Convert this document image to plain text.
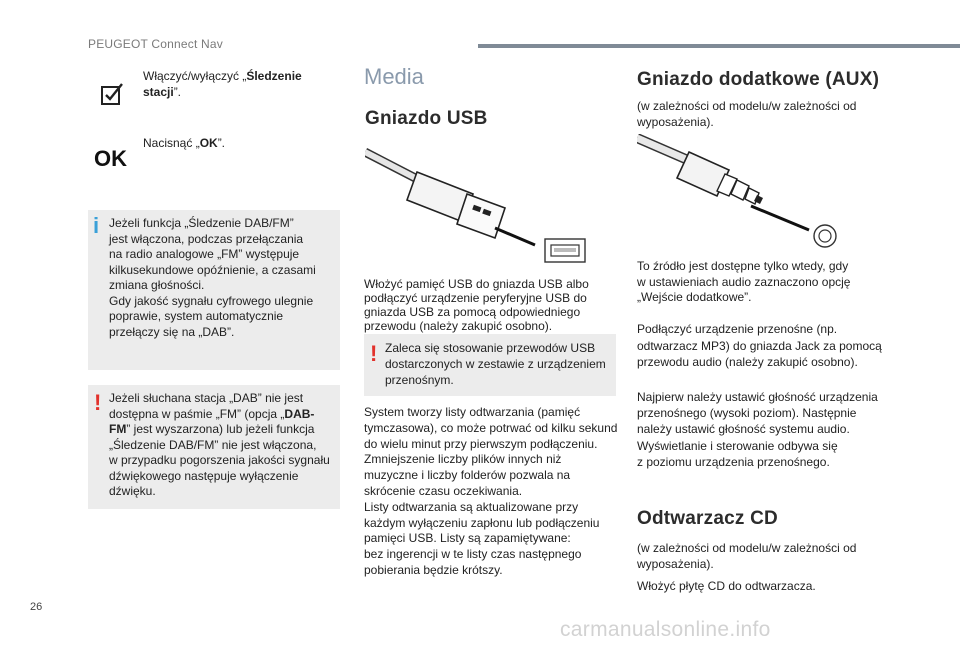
PEUGEOT Connect Nav
Włączyć/wyłączyć „Śledzenie stacji”.
OK
Nacisnąć „OK”.
i Jeżeli funkcja „Śledzenie DAB/FM”
jest włączona, podczas przełączania
na radio analogowe „FM” występuje
kilkusekundowe opóźnienie, a czasami
zmiana głośności.
Gdy jakość sygnału cyfrowego ulegnie
poprawie, system automatycznie
przełączy się na „DAB”.
! Jeżeli słuchana stacja „DAB” nie jest
dostępna w paśmie „FM” (opcja „DAB-
FM” jest wyszarzona) lub jeżeli funkcja
„Śledzenie DAB/FM” nie jest włączona,
w przypadku pogorszenia jakości sygnału
dźwiękowego następuje wyłączenie
dźwięku.
Media
Gniazdo USB
Włożyć pamięć USB do gniazda USB albo
podłączyć urządzenie peryferyjne USB do
gniazda USB za pomocą odpowiedniego
przewodu (należy zakupić osobno).
! Zaleca się stosowanie przewodów USB
dostarczonych w zestawie z urządzeniem
przenośnym.
System tworzy listy odtwarzania (pamięć
tymczasowa), co może potrwać od kilku sekund
do wielu minut przy pierwszym podłączeniu.
Zmniejszenie liczby plików innych niż
muzyczne i liczby folderów pozwala na
skrócenie czasu oczekiwania.
Listy odtwarzania są aktualizowane przy
każdym wyłączeniu zapłonu lub podłączeniu
pamięci USB. Listy są zapamiętywane:
bez ingerencji w te listy czas następnego
pobierania będzie krótszy.
Gniazdo dodatkowe (AUX)
(w zależności od modelu/w zależności od
wyposażenia).
To źródło jest dostępne tylko wtedy, gdy
w ustawieniach audio zaznaczono opcję
„Wejście dodatkowe”.
Podłączyć urządzenie przenośne (np.
odtwarzacz MP3) do gniazda Jack za pomocą
przewodu audio (należy zakupić osobno).
Najpierw należy ustawić głośność urządzenia
przenośnego (wysoki poziom). Następnie
należy ustawić głośność systemu audio.
Wyświetlanie i sterowanie odbywa się
z poziomu urządzenia przenośnego.
Odtwarzacz CD
(w zależności od modelu/w zależności od
wyposażenia).
Włożyć płytę CD do odtwarzacza.
26
carmanualsonline.info
